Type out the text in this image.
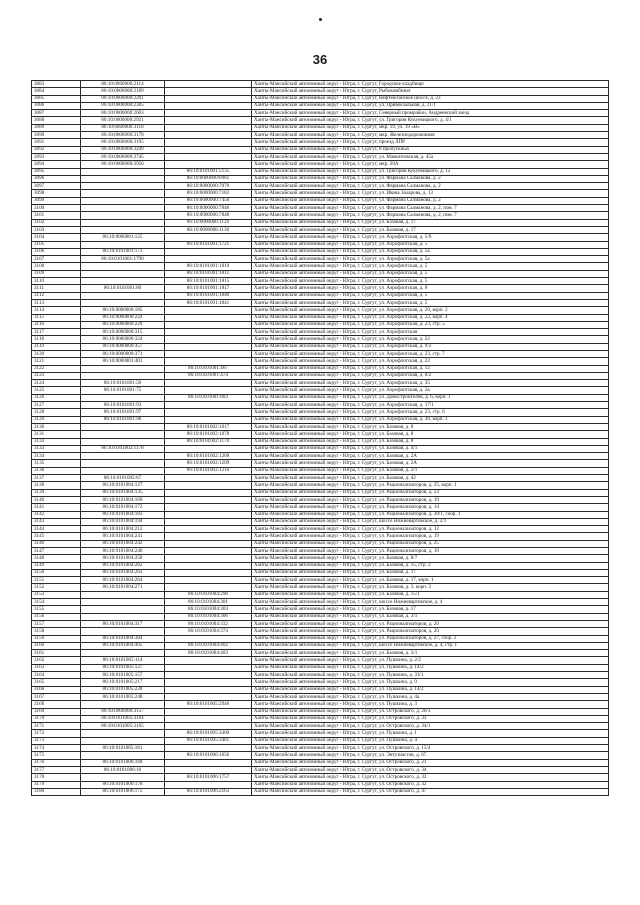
36
3083	86:10:0000000:2114		Ханты-Мансийский автономный округ - Югра, г. Сургут, Городское кладбище
3084	86:10:0000000:2189		Ханты-Мансийский автономный округ - Югра, г. Сургут, Рыбокомбинат
3085	86:10:0000000:2201		Ханты-Мансийский автономный округ - Югра, г. Сургут, Нефтеюганское шоссе, д. 23
3086	86:10:0000000:2305		Ханты-Мансийский автономный округ - Югра, г. Сургут, ул. Привокзальная, д. 21/1
3087	86:10:0000000:2603		Ханты-Мансийский автономный округ - Югра, г. Сургут, Северный промрайон, Андреевский заезд
3088	86:10:0000000:2921		Ханты-Мансийский автономный округ - Югра, г. Сургут, ул. Григория Кукуевицкого, д. 4/1
3089	86:10:0000000:3118		Ханты-Мансийский автономный округ - Югра, г. Сургут, мкр. 19, ул. 19 «В»
3090	86:10:0000000:3178		Ханты-Мансийский автономный округ - Югра, г. Сургут, мкр. Железнодорожников
3091	86:10:0000000:3195		Ханты-Мансийский автономный округ - Югра, г. Сургут, проезд ЛПР
3092	86:10:0000000:3249		Ханты-Мансийский автономный округ - Югра, г. Сургут, 8 пропускных
3093	86:10:0000000:3745		Ханты-Мансийский автономный округ - Югра, г. Сургут, ул. Мамонтовская, д. 45а
3094	86:10:0000000:3956		Ханты-Мансийский автономный округ - Югра, г. Сургут, мкр. 20А
3095		86:10:0101001:5135	Ханты-Мансийский автономный округ - Югра, г. Сургут, ул. Григория Кукуевицкого, д. 12
3096		86:10:0000000:6961	Ханты-Мансийский автономный округ - Югра, г. Сургут, ул. Фармана Салманова, д. 2
3097		86:10:0000000:7070	Ханты-Мансийский автономный округ - Югра, г. Сургут, ул. Фармана Салманова, д. 2
3098		86:10:0000000:7182	Ханты-Мансийский автономный округ - Югра, г. Сургут, ул. Ивана Захарова, д. 13
3099		86:10:0000000:7458	Ханты-Мансийский автономный округ - Югра, г. Сургут, ул. Фармана Салманова, д. 2
3100		86:10:0000000:7846	Ханты-Мансийский автономный округ - Югра, г. Сургут, ул. Фармана Салманова, д. 2, пом. 7
3101		86:10:0000000:7848	Ханты-Мансийский автономный округ - Югра, г. Сургут, ул. Фармана Салманова, д. 2, пом. 7
3102		86:10:0000000:1129	Ханты-Мансийский автономный округ - Югра, г. Сургут, ул. Базовая, д. 17
3103		86:10:0000000:1130	Ханты-Мансийский автономный округ - Югра, г. Сургут, ул. Базовая, д. 17
3104	86:10:0000001:125		Ханты-Мансийский автономный округ - Югра, г. Сургут, ул. Аэрофлотская, д. 5/9
3105		86:10:0101001:1721	Ханты-Мансийский автономный округ - Югра, г. Сургут, ул. Аэрофлотская, д. 5
3106	86:10:0101001:173		Ханты-Мансийский автономный округ - Югра, г. Сургут, ул. Аэрофлотская, д. 5а
3107	86:10:0101001:1790		Ханты-Мансийский автономный округ - Югра, г. Сургут, ул. Аэрофлотская, д. 5а
3108		86:10:0101001:1810	Ханты-Мансийский автономный округ - Югра, г. Сургут, ул. Аэрофлотская, д. 5
3109		86:10:0101001:1811	Ханты-Мансийский автономный округ - Югра, г. Сургут, ул. Аэрофлотская, д. 5
3110		86:10:0101001:1815	Ханты-Мансийский автономный округ - Югра, г. Сургут, ул. Аэрофлотская, д. 5
3111	86:10:0101001:80	86:10:0101001:1817	Ханты-Мансийский автономный округ - Югра, г. Сургут, ул. Аэрофлотская, д. 8
3112		86:10:0101001:1840	Ханты-Мансийский автономный округ - Югра, г. Сургут, ул. Аэрофлотская, д. 5
3113		86:10:0101001:1841	Ханты-Мансийский автономный округ - Югра, г. Сургут, ул. Аэрофлотская, д. 5
3114	86:10:0000000:185		Ханты-Мансийский автономный округ - Югра, г. Сургут, ул. Аэрофлотская, д. 20, корп. 2
3115	86:10:0000000:224		Ханты-Мансийский автономный округ - Югра, г. Сургут, ул. Аэрофлотская, д. 22, корп. 4
3116	86:10:0000000:229		Ханты-Мансийский автономный округ - Югра, г. Сургут, ул. Аэрофлотская, д. 23, стр. 5
3117	86:10:0000000:315		Ханты-Мансийский автономный округ - Югра, г. Сургут, ул. Аэрофлотская
3118	86:10:0000000:324		Ханты-Мансийский автономный округ - Югра, г. Сургут, ул. Аэрофлотская, д. 22
3119	86:10:0000000:357		Ханты-Мансийский автономный округ - Югра, г. Сургут, ул. Аэрофлотская, д. 9/2
3120	86:10:0000000:371		Ханты-Мансийский автономный округ - Югра, г. Сургут, ул. Аэрофлотская, д. 23, стр. 7
3121	86:10:0000001:401		Ханты-Мансийский автономный округ - Югра, г. Сургут, ул. Аэрофлотская, д. 22
3122		86:10:0101001:467	Ханты-Мансийский автономный округ - Югра, г. Сургут, ул. Аэрофлотская, д. 12
3123		86:10:0101001:474	Ханты-Мансийский автономный округ - Югра, г. Сургут, ул. Аэрофлотская, д. 8/2
3124	86:10:0101001:50		Ханты-Мансийский автономный округ - Югра, г. Сургут, ул. Аэрофлотская, д. 35
3125	86:10:0101001:75		Ханты-Мансийский автономный округ - Югра, г. Сургут, ул. Аэрофлотская, д. 3а
3126		86:10:0101001:803	Ханты-Мансийский автономный округ - Югра, г. Сургут, ул. Домостроителей, д. 6, корп. 1
3127	86:10:0101001:93		Ханты-Мансийский автономный округ - Югра, г. Сургут, ул. Аэрофлотская, д. 17/1
3128	86:10:0101001:97		Ханты-Мансийский автономный округ - Югра, г. Сургут, ул. Аэрофлотская, д. 23, стр. 6
3129	86:10:0101001:98		Ханты-Мансийский автономный округ - Югра, г. Сургут, ул. Аэрофлотская, д. 30, корп. 1
3130		86:10:0101002:1017	Ханты-Мансийский автономный округ - Югра, г. Сургут, ул. Базовая, д. 8
3131		86:10:0101002:1078	Ханты-Мансийский автономный округ - Югра, г. Сургут, ул. Базовая, д. 8
3132		86:10:0101002:1170	Ханты-Мансийский автономный округ - Югра, г. Сургут, ул. Базовая, д. 8
3133	86:10:0101002:1178		Ханты-Мансийский автономный округ - Югра, г. Сургут, ул. Базовая, д. 4/1
3134		86:10:0101002:1208	Ханты-Мансийский автономный округ - Югра, г. Сургут, ул. Базовая, д. 2А
3135		86:10:0101002:1209	Ханты-Мансийский автономный округ - Югра, г. Сургут, ул. Базовая, д. 2А
3136		86:10:0101002:1210	Ханты-Мансийский автономный округ - Югра, г. Сургут, ул. Базовая, д. 2/1
3137	86:10:0101002:67		Ханты-Мансийский автономный округ - Югра, г. Сургут, ул. Базовая, д. 42
3138	86:10:0101004:127		Ханты-Мансийский автономный округ - Югра, г. Сургут, ул. Рационализаторов, д. 25, корп. 1
3139	86:10:0101004:135		Ханты-Мансийский автономный округ - Югра, г. Сургут, ул. Рационализаторов, д. 23
3140	86:10:0101004:160		Ханты-Мансийский автономный округ - Югра, г. Сургут, ул. Рационализаторов, д. 19
3141	86:10:0101004:172		Ханты-Мансийский автономный округ - Югра, г. Сургут, ул. Рационализаторов, д. 14
3142	86:10:0101004:183		Ханты-Мансийский автономный округ - Югра, г. Сургут, ул. Рационализаторов, д. 20/1, соор. 1
3143	86:10:0101004:194		Ханты-Мансийский автономный округ - Югра, г. Сургут, шоссе Нижневартовское, д. 2/1
3144	86:10:0101004:212		Ханты-Мансийский автономный округ - Югра, г. Сургут, ул. Рационализаторов, д. 12
3145	86:10:0101004:241		Ханты-Мансийский автономный округ - Югра, г. Сургут, ул. Рационализаторов, д. 19
3146	86:10:0101004:242		Ханты-Мансийский автономный округ - Югра, г. Сургут, ул. Рационализаторов, д. 25
3147	86:10:0101004:246		Ханты-Мансийский автономный округ - Югра, г. Сургут, ул. Рационализаторов, д. 19
3148	86:10:0101004:258		Ханты-Мансийский автономный округ - Югра, г. Сургут, ул. Базовая, д. 8/7
3149	86:10:0101004:262		Ханты-Мансийский автономный округ - Югра, г. Сургут, ул. Базовая, д. 15, стр. 2
3150	86:10:0101004:263		Ханты-Мансийский автономный округ - Югра, г. Сургут, ул. Базовая, д. 17
3151	86:10:0101004:264		Ханты-Мансийский автономный округ - Югра, г. Сургут, ул. Базовая, д. 17, корп. 1
3152	86:10:0101004:271		Ханты-Мансийский автономный округ - Югра, г. Сургут, ул. Базовая, д. 3, корп. 2
3153		86:10:0101004:298	Ханты-Мансийский автономный округ - Югра, г. Сургут, ул. Базовая, д. 15/1
3154		86:10:0101004:301	Ханты-Мансийский автономный округ - Югра, г. Сургут, шоссе Нижневартовское, д. 4
3155		86:10:0101004:303	Ханты-Мансийский автономный округ - Югра, г. Сургут, ул. Базовая, д. 17
3156		86:10:0101004:306	Ханты-Мансийский автономный округ - Югра, г. Сургут, ул. Базовая, д. 3/1
3157	86:10:0101004:317	86:10:0101004:332	Ханты-Мансийский автономный округ - Югра, г. Сургут, ул. Рационализаторов, д. 20
3158		86:10:0101004:374	Ханты-Мансийский автономный округ - Югра, г. Сургут, ул. Рационализаторов, д. 20
3159	86:10:0101004:384		Ханты-Мансийский автономный округ - Югра, г. Сургут, ул. Рационализаторов, д. 27, соор. 2
3160	86:10:0101004:405	86:10:0101004:402	Ханты-Мансийский автономный округ - Югра, г. Сургут, шоссе Нижневартовское, д. 4, стр. 1
3161		86:10:0101004:403	Ханты-Мансийский автономный округ - Югра, г. Сургут, ул. Базовая, д. 3/1
3162	86:10:0101005:114		Ханты-Мансийский автономный округ - Югра, г. Сургут, ул. Пушкина, д. 2/2
3163	86:10:0101005:127		Ханты-Мансийский автономный округ - Югра, г. Сургут, ул. Пушкина, д. 14/2
3164	86:10:0101005:157		Ханты-Мансийский автономный округ - Югра, г. Сургут, ул. Пушкина, д. 33/1
3165	86:10:0101005:217		Ханты-Мансийский автономный округ - Югра, г. Сургут, ул. Пушкина, д. 9
3166	86:10:0101005:228		Ханты-Мансийский автономный округ - Югра, г. Сургут, ул. Пушкина, д. 14/2
3167	86:10:0101005:248		Ханты-Мансийский автономный округ - Югра, г. Сургут, ул. Пушкина, д. 4а
3168		86:10:0101005:2946	Ханты-Мансийский автономный округ - Югра, г. Сургут, ул. Пушкина, д. 3
3169	86:10:0000000:3157		Ханты-Мансийский автономный округ - Югра, г. Сургут, ул. Островского, д. 26/3
3170	86:10:0101005:3164		Ханты-Мансийский автономный округ - Югра, г. Сургут, ул. Островского, д. 33
3171	86:10:0101005:3165		Ханты-Мансийский автономный округ - Югра, г. Сургут, ул. Островского, д. 34/1
3172		86:10:0101005:3400	Ханты-Мансийский автономный округ - Югра, г. Сургут, ул. Пушкина, д. 1
3173		86:10:0101005:3401	Ханты-Мансийский автономный округ - Югра, г. Сургут, ул. Пушкина, д. 4
3174	86:10:0101005:161		Ханты-Мансийский автономный округ - Югра, г. Сургут, ул. Островского, д. 15/4
3175		86:10:0101006:1656	Ханты-Мансийский автономный округ - Югра, г. Сургут, ул. Энтузиастов, д. 67
3176	86:10:0101006:168		Ханты-Мансийский автономный округ - Югра, г. Сургут, ул. Островского, д. 21
3177	86:10:0101006:16		Ханты-Мансийский автономный округ - Югра, г. Сургут, ул. Островского, д. 34
3178		86:10:0101006:1757	Ханты-Мансийский автономный округ - Югра, г. Сургут, ул. Островского, д. 32
3179	86:10:0101006:178		Ханты-Мансийский автономный округ - Югра, г. Сургут, ул. Островского, д. 32
3180	86:10:0101006:175	86:10:0101006:2163	Ханты-Мансийский автономный округ - Югра, г. Сургут, ул. Островского, д. 47
